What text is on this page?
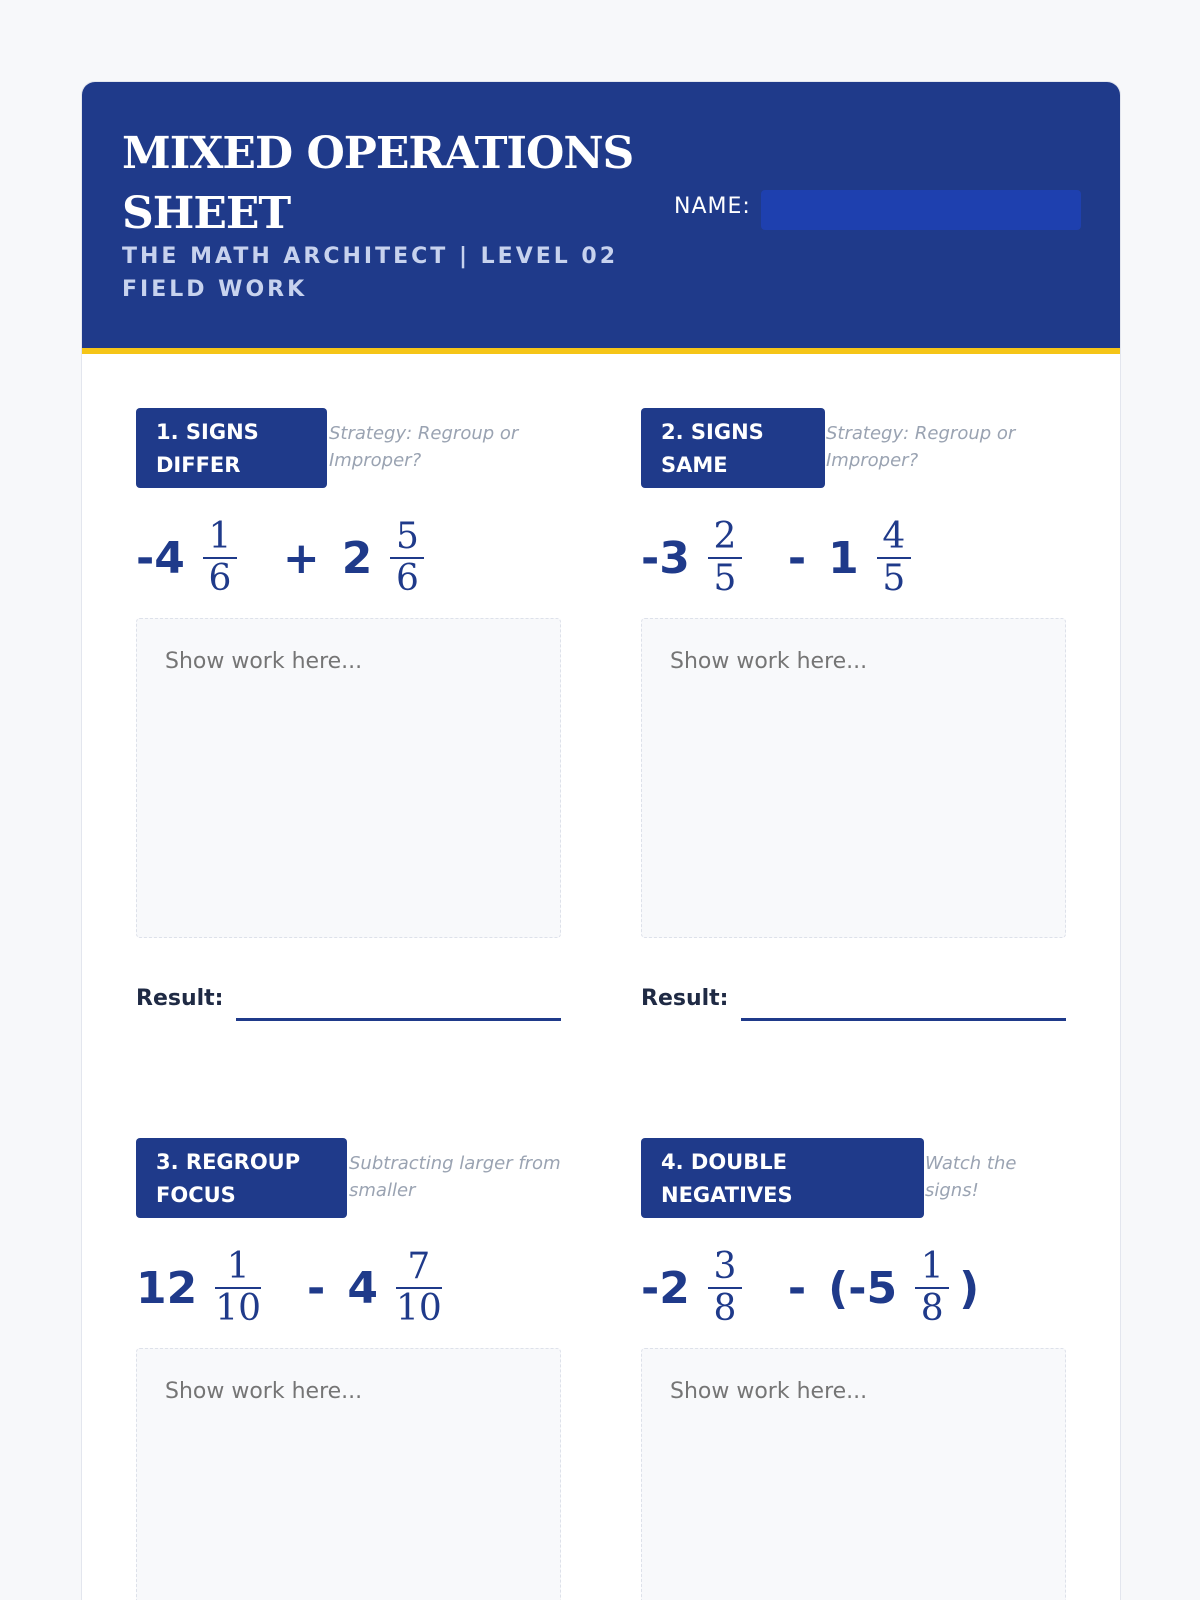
MIXED OPERATIONS SHEET
THE MATH ARCHITECT | LEVEL 02 FIELD WORK
NAME:
1. SIGNS DIFFER
Strategy: Regroup or Improper?
$-4 \frac{1}{6} + 2 \frac{5}{6}$
Show work here...
Result:
2. SIGNS SAME
Strategy: Regroup or Improper?
$-3 \frac{2}{5} - 1 \frac{4}{5}$
Show work here...
Result:
3. REGROUP FOCUS
Subtracting larger from smaller
$12 \frac{1}{10} - 4 \frac{7}{10}$
Show work here...
4. DOUBLE NEGATIVES
Watch the signs!
$-2 \frac{3}{8} - (-5 \frac{1}{8}$ )
Show work here...
